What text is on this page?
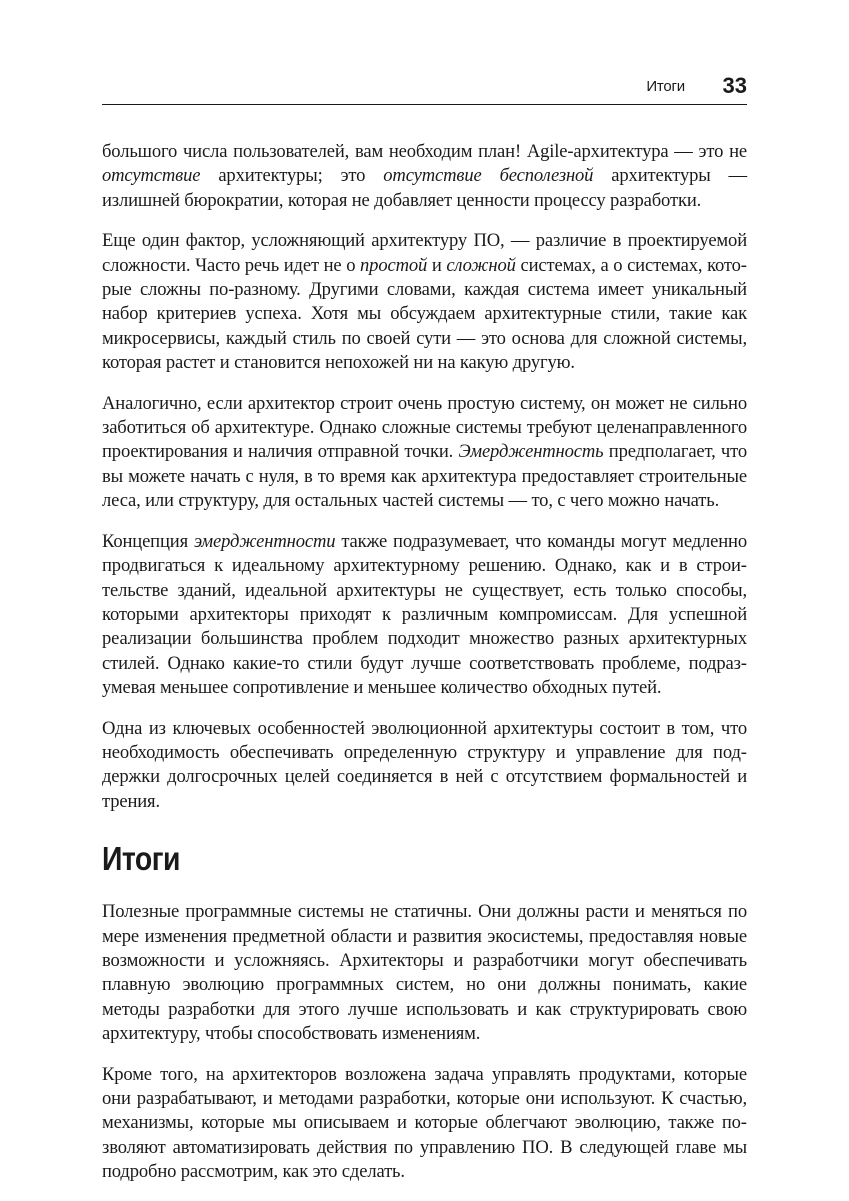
Итоги 33

большого числа пользователей, вам необходим план! Agile-архитектура — это не отсутствие архитектуры; это отсутствие бесполезной архитектуры — излишней бюрократии, которая не добавляет ценности процессу разработки.

Еще один фактор, усложняющий архитектуру ПО, — различие в проектируемой сложности. Часто речь идет не о простой и сложной системах, а о системах, которые сложны по-разному. Другими словами, каждая система имеет уникальный набор критериев успеха. Хотя мы обсуждаем архитектурные стили, такие как микросервисы, каждый стиль по своей сути — это основа для сложной системы, которая растет и становится непохожей ни на какую другую.

Аналогично, если архитектор строит очень простую систему, он может не сильно заботиться об архитектуре. Однако сложные системы требуют целенаправленного проектирования и наличия отправной точки. Эмерджентность предполагает, что вы можете начать с нуля, в то время как архитектура предоставляет строительные леса, или структуру, для остальных частей системы — то, с чего можно начать.

Концепция эмерджентности также подразумевает, что команды могут медленно продвигаться к идеальному архитектурному решению. Однако, как и в строительстве зданий, идеальной архитектуры не существует, есть только способы, которыми архитекторы приходят к различным компромиссам. Для успешной реализации большинства проблем подходит множество разных архитектурных стилей. Однако какие-то стили будут лучше соответствовать проблеме, подразумевая меньшее сопротивление и меньшее количество обходных путей.

Одна из ключевых особенностей эволюционной архитектуры состоит в том, что необходимость обеспечивать определенную структуру и управление для поддержки долгосрочных целей соединяется в ней с отсутствием формальностей и трения.

Итоги

Полезные программные системы не статичны. Они должны расти и меняться по мере изменения предметной области и развития экосистемы, предоставляя новые возможности и усложняясь. Архитекторы и разработчики могут обеспечивать плавную эволюцию программных систем, но они должны понимать, какие методы разработки для этого лучше использовать и как структурировать свою архитектуру, чтобы способствовать изменениям.

Кроме того, на архитекторов возложена задача управлять продуктами, которые они разрабатывают, и методами разработки, которые они используют. К счастью, механизмы, которые мы описываем и которые облегчают эволюцию, также позволяют автоматизировать действия по управлению ПО. В следующей главе мы подробно рассмотрим, как это сделать.
